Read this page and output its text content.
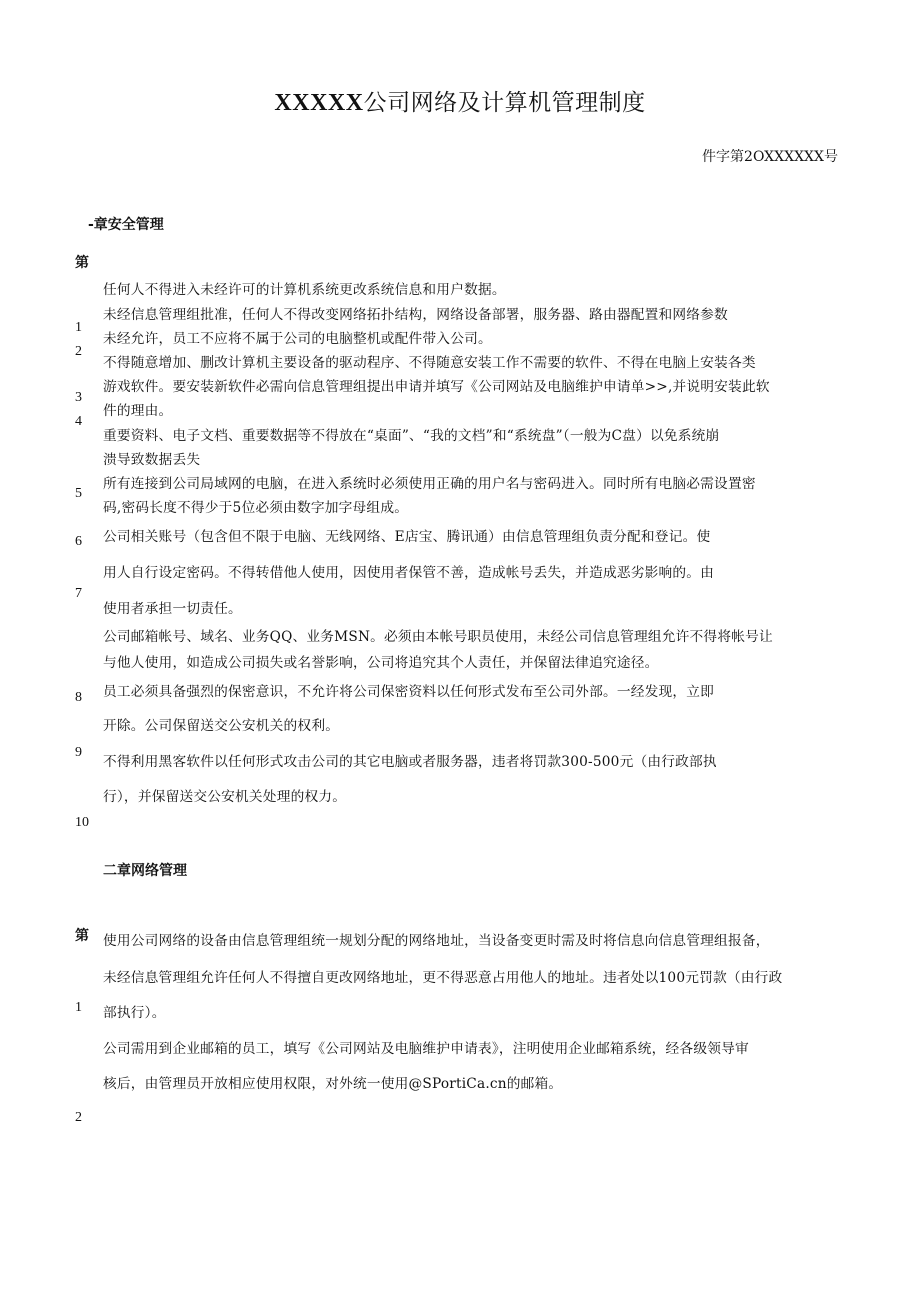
XXXXX公司网络及计算机管理制度
件字第2OXXXXXX号
-章安全管理
第
1
2
3
4
5
6
7
8
9
10
任何人不得进入未经许可的计算机系统更改系统信息和用户数据。
未经信息管理组批准，任何人不得改变网络拓扑结构，网络设备部署，服务器、路由器配置和网络参数
未经允许，员工不应将不属于公司的电脑整机或配件带入公司。
不得随意增加、删改计算机主要设备的驱动程序、不得随意安装工作不需要的软件、不得在电脑上安装各类
游戏软件。要安装新软件必需向信息管理组提出申请并填写《公司网站及电脑维护申请单>>,并说明安装此软
件的理由。
重要资料、电子文档、重要数据等不得放在“桌面”、“我的文档”和“系统盘”（一般为C盘）以免系统崩
溃导致数据丢失
所有连接到公司局域网的电脑，在进入系统时必须使用正确的用户名与密码进入。同时所有电脑必需设置密
码,密码长度不得少于5位必须由数字加字母组成。
公司相关账号（包含但不限于电脑、无线网络、E店宝、腾讯通）由信息管理组负责分配和登记。使
用人自行设定密码。不得转借他人使用，因使用者保管不善，造成帐号丢失，并造成恶劣影响的。由
使用者承担一切责任。
公司邮箱帐号、域名、业务QQ、业务MSN。必须由本帐号职员使用，未经公司信息管理组允许不得将帐号让
与他人使用，如造成公司损失或名誉影响，公司将追究其个人责任，并保留法律追究途径。
员工必须具备强烈的保密意识，不允许将公司保密资料以任何形式发布至公司外部。一经发现，立即
开除。公司保留送交公安机关的权利。
不得利用黑客软件以任何形式攻击公司的其它电脑或者服务器，违者将罚款300-500元（由行政部执
行），并保留送交公安机关处理的权力。
二章网络管理
第
1
2
使用公司网络的设备由信息管理组统一规划分配的网络地址，当设备变更时需及时将信息向信息管理组报备，
未经信息管理组允许任何人不得擅自更改网络地址，更不得恶意占用他人的地址。违者处以100元罚款（由行政
部执行）。
公司需用到企业邮箱的员工，填写《公司网站及电脑维护申请表》，注明使用企业邮箱系统，经各级领导审
核后，由管理员开放相应使用权限，对外统一使用@SPortiCa.cn的邮箱。
